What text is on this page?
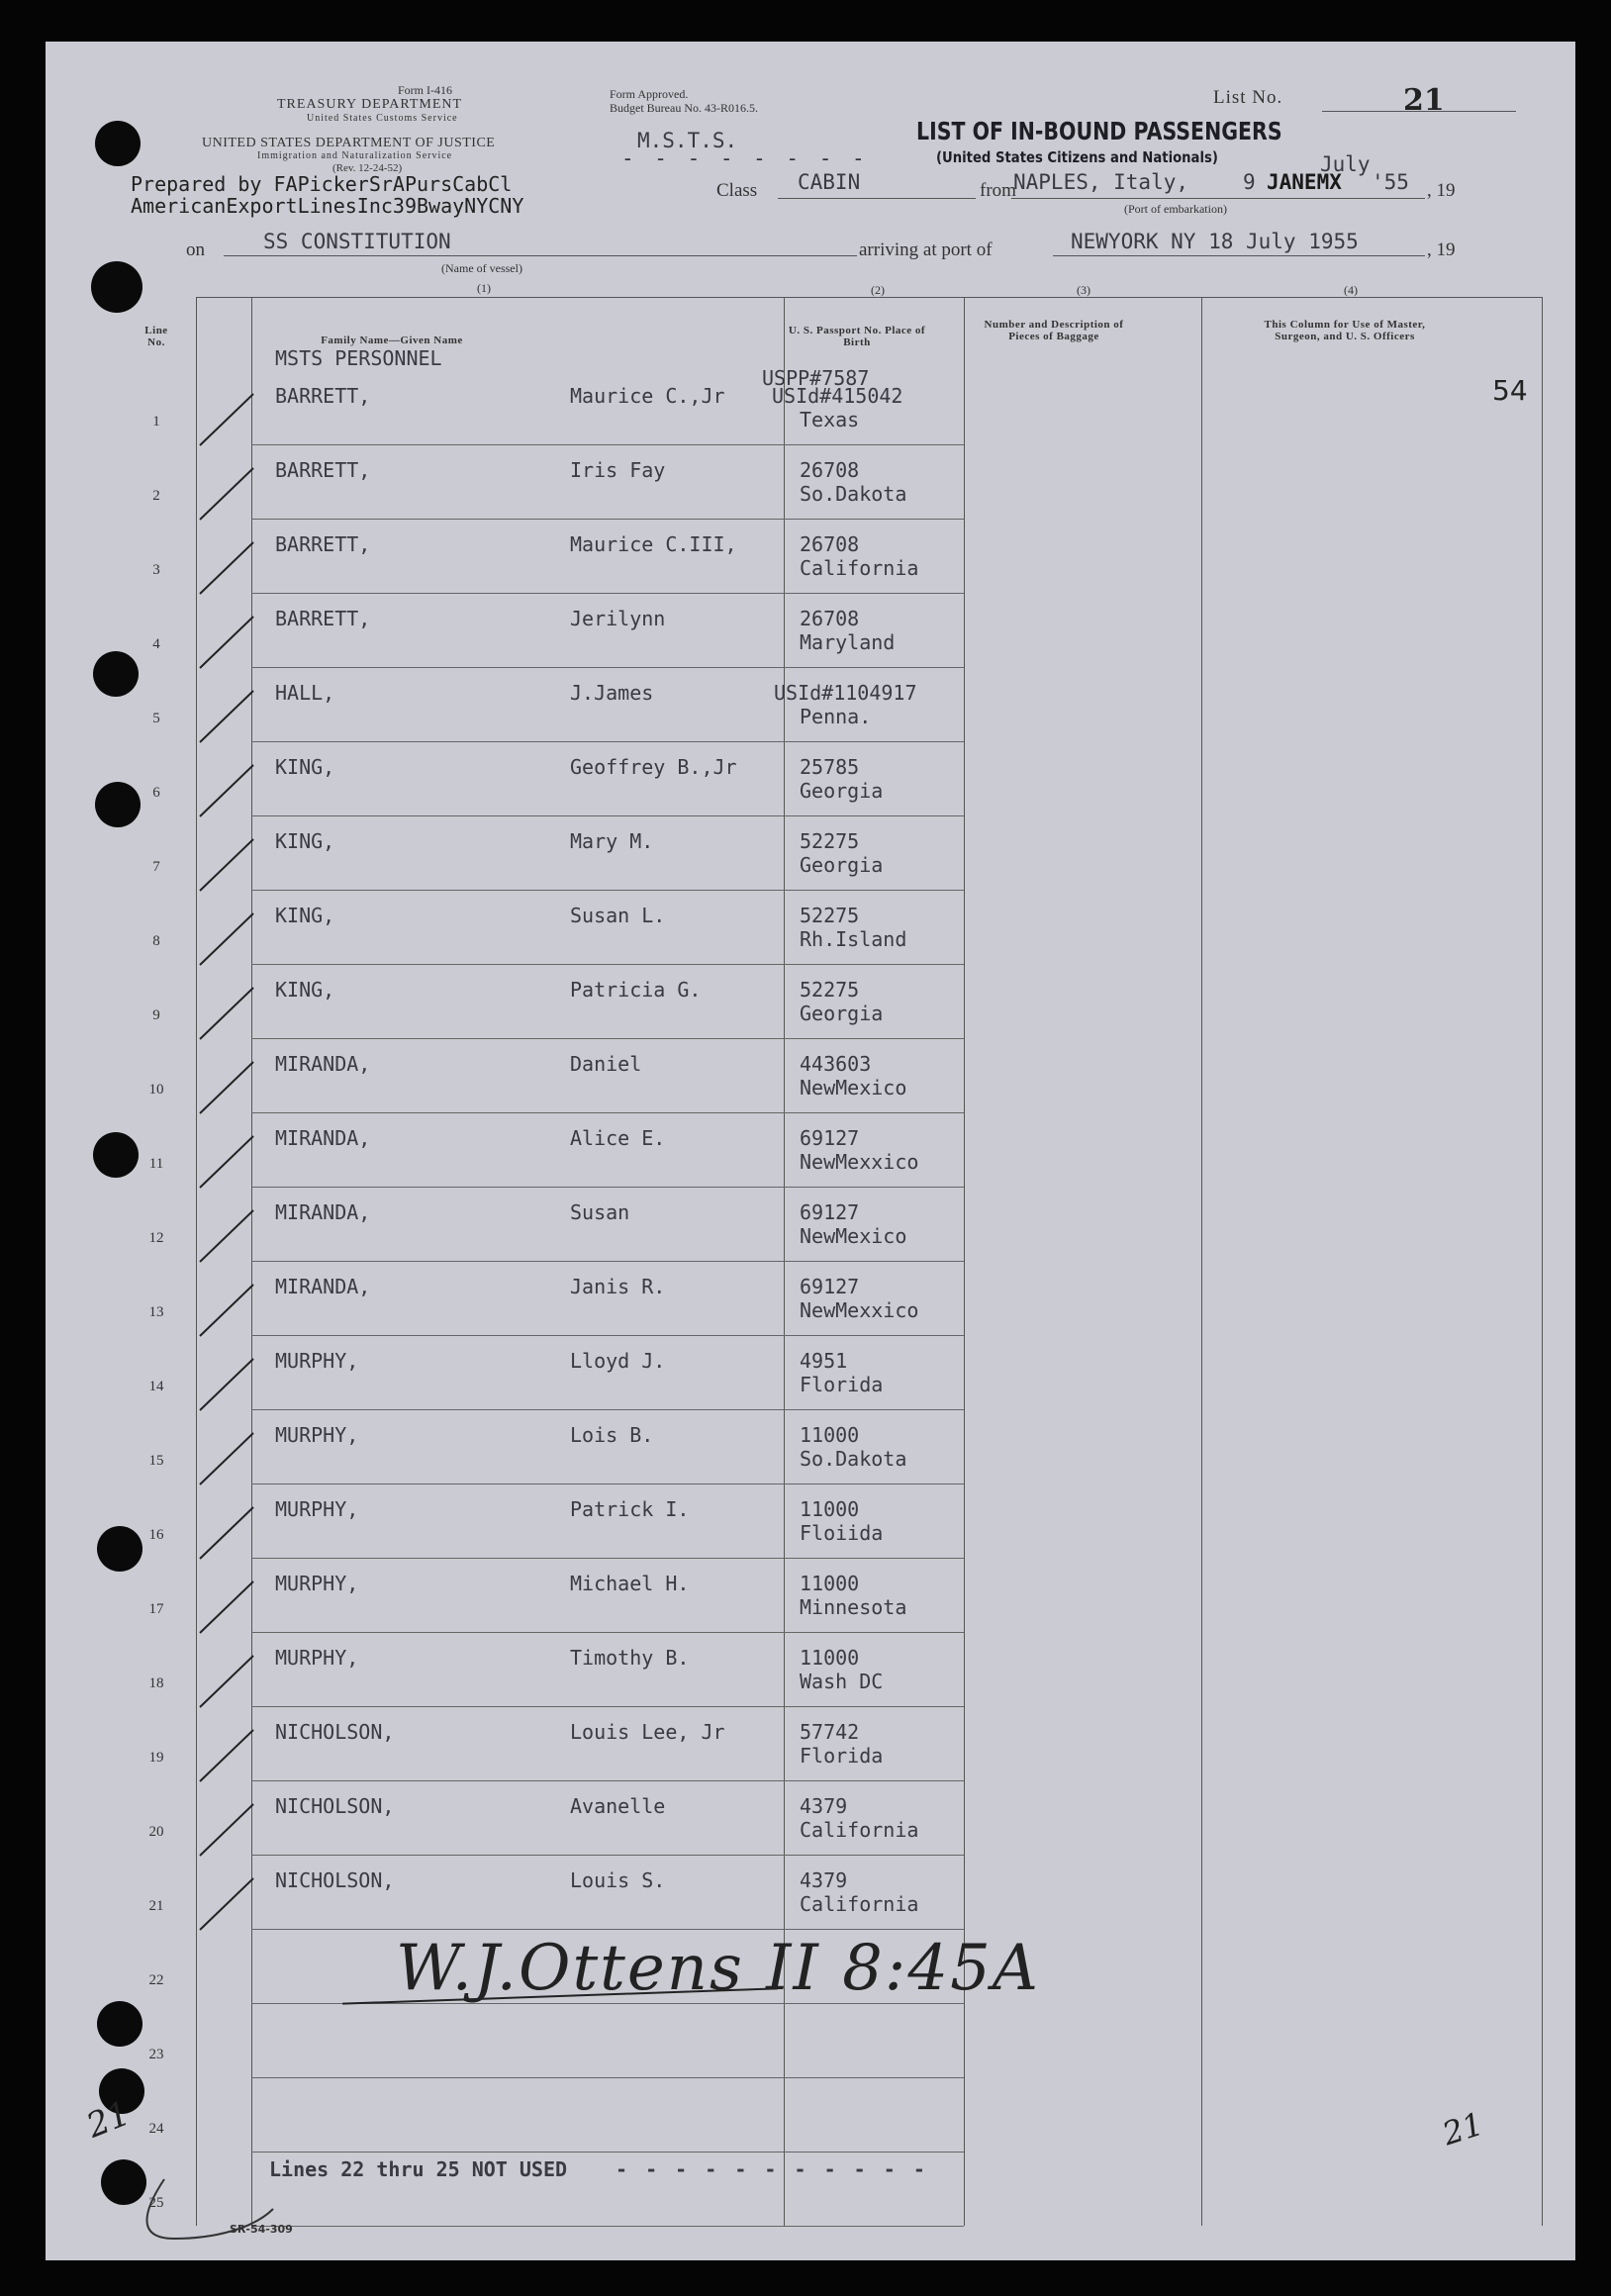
Form I-416
TREASURY DEPARTMENT
United States Customs Service
UNITED STATES DEPARTMENT OF JUSTICE
Immigration and Naturalization Service
(Rev. 12-24-52)
Prepared by FAPickerSrAPursCabCl
AmericanExportLinesInc39BwayNYCNY
Form Approved.
Budget Bureau No. 43-R016.5.
M.S.T.S.
- - - - - - - -
List No.	21
LIST OF IN-BOUND PASSENGERS
(United States Citizens and Nationals)
Class CABIN	from
NAPLES, Italy,	9 JANEMX
July
'55 , 19
(Port of embarkation)
on	SS CONSTITUTION
(Name of vessel)
arriving at port of	NEWYORK NY 18 July 1955	, 19
(1)	(2)	(3)	(4)
Line No.	Family Name—Given Name
U. S. Passport No. Place of Birth
Number and Description of Pieces of Baggage
This Column for Use of Master, Surgeon, and U. S. Officers
MSTS PERSONNEL
1
BARRETT,	Maurice C.,Jr
USPP#7587
USId#415042
Texas
2
BARRETT,	Iris Fay	26708
So.Dakota
3
BARRETT,	Maurice C.III,	26708
California
4
BARRETT,	Jerilynn	26708
Maryland
5
HALL,	J.James	USId#1104917
Penna.
6
KING,	Geoffrey B.,Jr	25785
Georgia
7
KING,	Mary M.	52275
Georgia
8
KING,	Susan L.	52275
Rh.Island
9
KING,	Patricia G.	52275
Georgia
10
MIRANDA,	Daniel	443603
NewMexico
11
MIRANDA,	Alice E.	69127
NewMexxico
12
MIRANDA,	Susan	69127
NewMexico
13
MIRANDA,	Janis R.	69127
NewMexxico
14
MURPHY,	Lloyd J.	4951
Florida
15
MURPHY,	Lois B.	11000
So.Dakota
16
MURPHY,	Patrick I.	11000
Floiida
17
MURPHY,	Michael H.	11000
Minnesota
18
MURPHY,	Timothy B.	11000
Wash DC
19
NICHOLSON,	Louis Lee, Jr	57742
Florida
20
NICHOLSON,	Avanelle	4379
California
21
NICHOLSON,	Louis S.	4379
California
22
23
24
25
54
W.J.Ottens II 8:45A
Lines 22 thru 25 NOT USED - - - - - - - - - - -
SR-54-309
21	21
